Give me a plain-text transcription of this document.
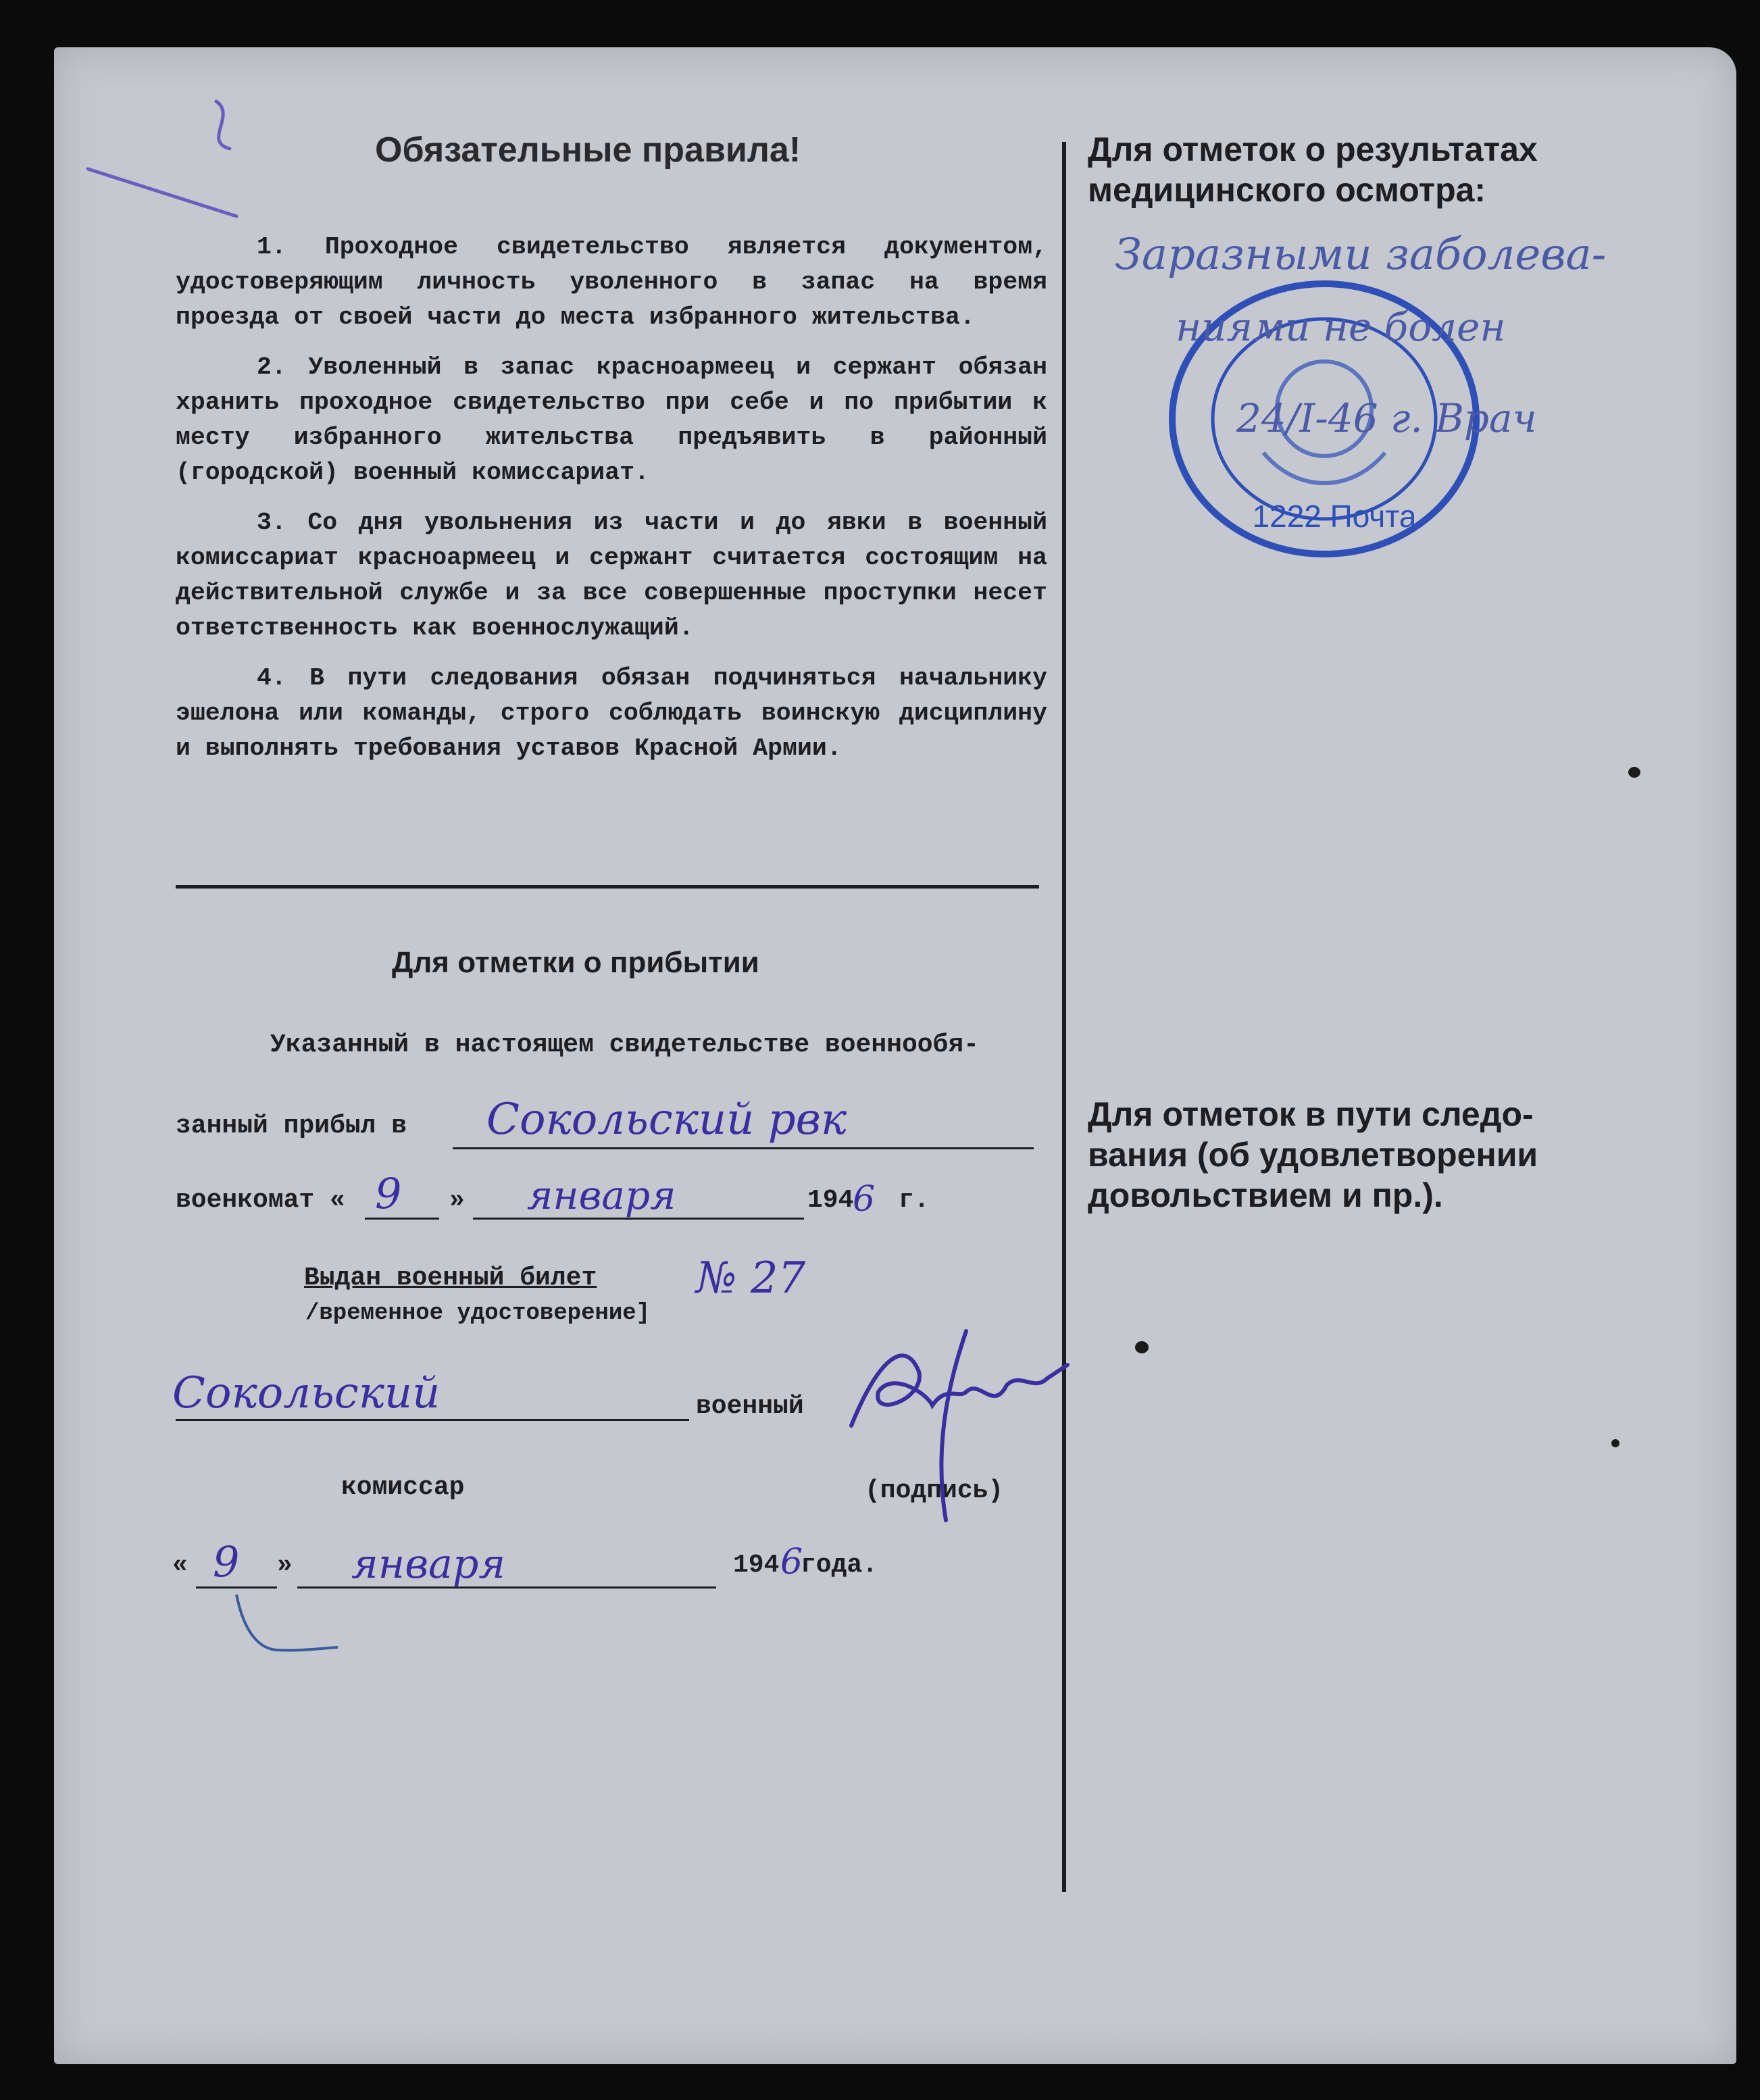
Обязательные правила!

1. Проходное свидетельство является документом, удостоверяющим личность уволенного в запас на время проезда от своей части до места избранного жительства.

2. Уволенный в запас красноармеец и сержант обязан хранить проходное свидетельство при себе и по прибытии к месту избранного жительства предъявить в районный (городской) военный комиссариат.

3. Со дня увольнения из части и до явки в военный комиссариат красноармеец и сержант считается состоящим на действительной службе и за все совершенные проступки несет ответственность как военнослужащий.

4. В пути следования обязан подчиняться начальнику эшелона или команды, строго соблюдать воинскую дисциплину и выполнять требования уставов Красной Армии.

Для отметки о прибытии
Указанный в настоящем свидетельстве военнообя-
занный прибыл в Сокольский рвк
военкомат « 9 » января	194
6 г.
Выдан военный билет
/временное удостоверение]
№ 27
Сокольский	военный
комиссар	(подпись)
« 9 » января	194 6
года.
Для отметок о результатах
медицинского осмотра:
1222 Почта
Заразными заболева-
ниями не болен
24/I-46 г. Врач
Для отметок в пути следо-
вания (об удовлетворении
довольствием и пр.).
